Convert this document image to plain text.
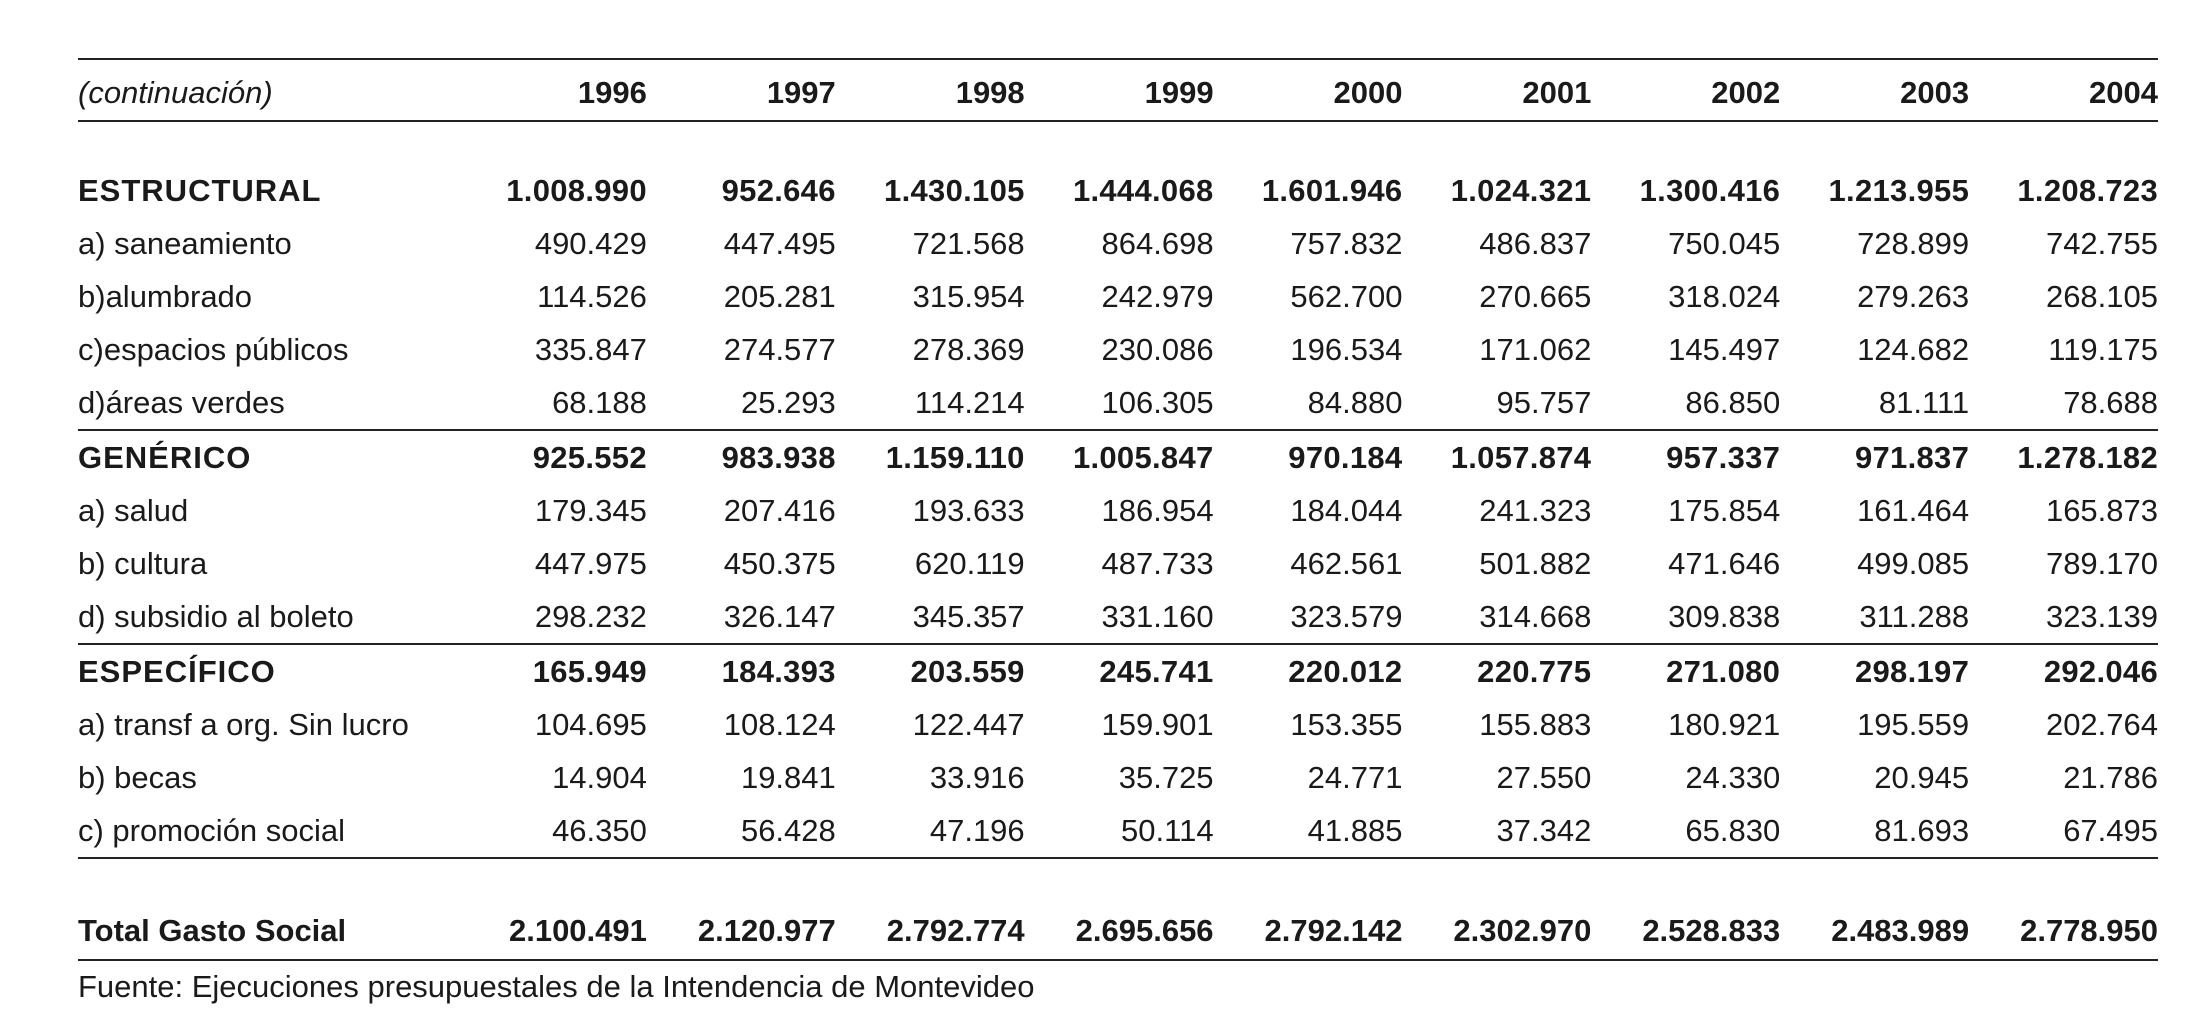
(continuación)	1996	1997	1998	1999	2000	2001	2002	2003	2004

ESTRUCTURAL	1.008.990	952.646	1.430.105	1.444.068	1.601.946	1.024.321	1.300.416	1.213.955	1.208.723
a) saneamiento	490.429	447.495	721.568	864.698	757.832	486.837	750.045	728.899	742.755
b)alumbrado	114.526	205.281	315.954	242.979	562.700	270.665	318.024	279.263	268.105
c)espacios públicos	335.847	274.577	278.369	230.086	196.534	171.062	145.497	124.682	119.175
d)áreas verdes	68.188	25.293	114.214	106.305	84.880	95.757	86.850	81.111	78.688
GENÉRICO	925.552	983.938	1.159.110	1.005.847	970.184	1.057.874	957.337	971.837	1.278.182
a) salud	179.345	207.416	193.633	186.954	184.044	241.323	175.854	161.464	165.873
b) cultura	447.975	450.375	620.119	487.733	462.561	501.882	471.646	499.085	789.170
d) subsidio al boleto	298.232	326.147	345.357	331.160	323.579	314.668	309.838	311.288	323.139
ESPECÍFICO	165.949	184.393	203.559	245.741	220.012	220.775	271.080	298.197	292.046
a) transf a org. Sin lucro	104.695	108.124	122.447	159.901	153.355	155.883	180.921	195.559	202.764
b) becas	14.904	19.841	33.916	35.725	24.771	27.550	24.330	20.945	21.786
c) promoción social	46.350	56.428	47.196	50.114	41.885	37.342	65.830	81.693	67.495

Total Gasto Social	2.100.491	2.120.977	2.792.774	2.695.656	2.792.142	2.302.970	2.528.833	2.483.989	2.778.950
Fuente: Ejecuciones presupuestales de la Intendencia de Montevideo
